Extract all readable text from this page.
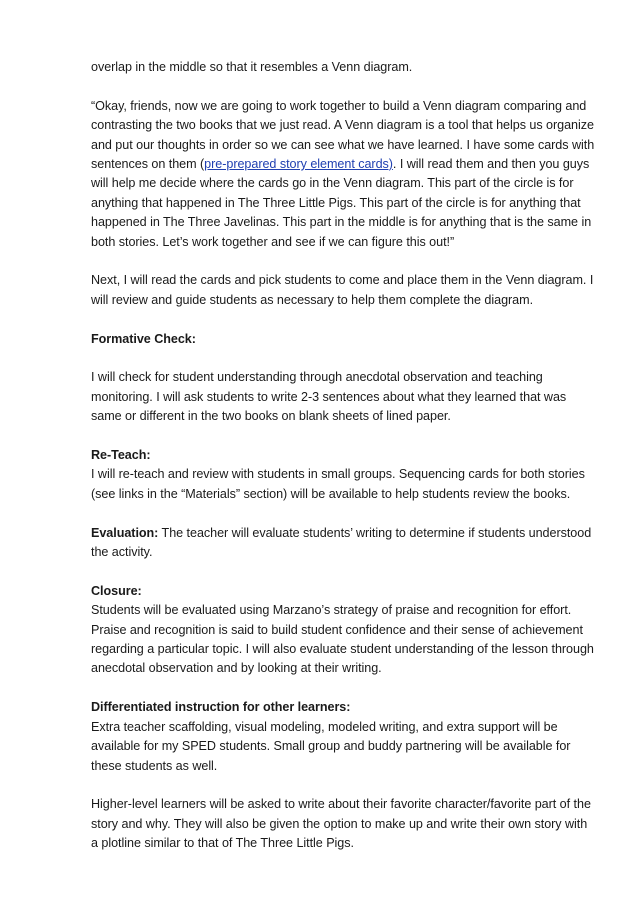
overlap in the middle so that it resembles a Venn diagram.

“Okay, friends, now we are going to work together to build a Venn diagram comparing and contrasting the two books that we just read. A Venn diagram is a tool that helps us organize and put our thoughts in order so we can see what we have learned. I have some cards with sentences on them (pre-prepared story element cards). I will read them and then you guys will help me decide where the cards go in the Venn diagram. This part of the circle is for anything that happened in The Three Little Pigs. This part of the circle is for anything that happened in The Three Javelinas. This part in the middle is for anything that is the same in both stories. Let’s work together and see if we can figure this out!”

Next, I will read the cards and pick students to come and place them in the Venn diagram. I will review and guide students as necessary to help them complete the diagram.

Formative Check:

I will check for student understanding through anecdotal observation and teaching monitoring. I will ask students to write 2-3 sentences about what they learned that was same or different in the two books on blank sheets of lined paper.

Re-Teach:
I will re-teach and review with students in small groups. Sequencing cards for both stories (see links in the “Materials” section) will be available to help students review the books.

Evaluation: The teacher will evaluate students’ writing to determine if students understood the activity.

Closure:
Students will be evaluated using Marzano’s strategy of praise and recognition for effort. Praise and recognition is said to build student confidence and their sense of achievement regarding a particular topic. I will also evaluate student understanding of the lesson through anecdotal observation and by looking at their writing.
Differentiated instruction for other learners:
Extra teacher scaffolding, visual modeling, modeled writing, and extra support will be available for my SPED students. Small group and buddy partnering will be available for these students as well.

Higher-level learners will be asked to write about their favorite character/favorite part of the story and why. They will also be given the option to make up and write their own story with a plotline similar to that of The Three Little Pigs.
